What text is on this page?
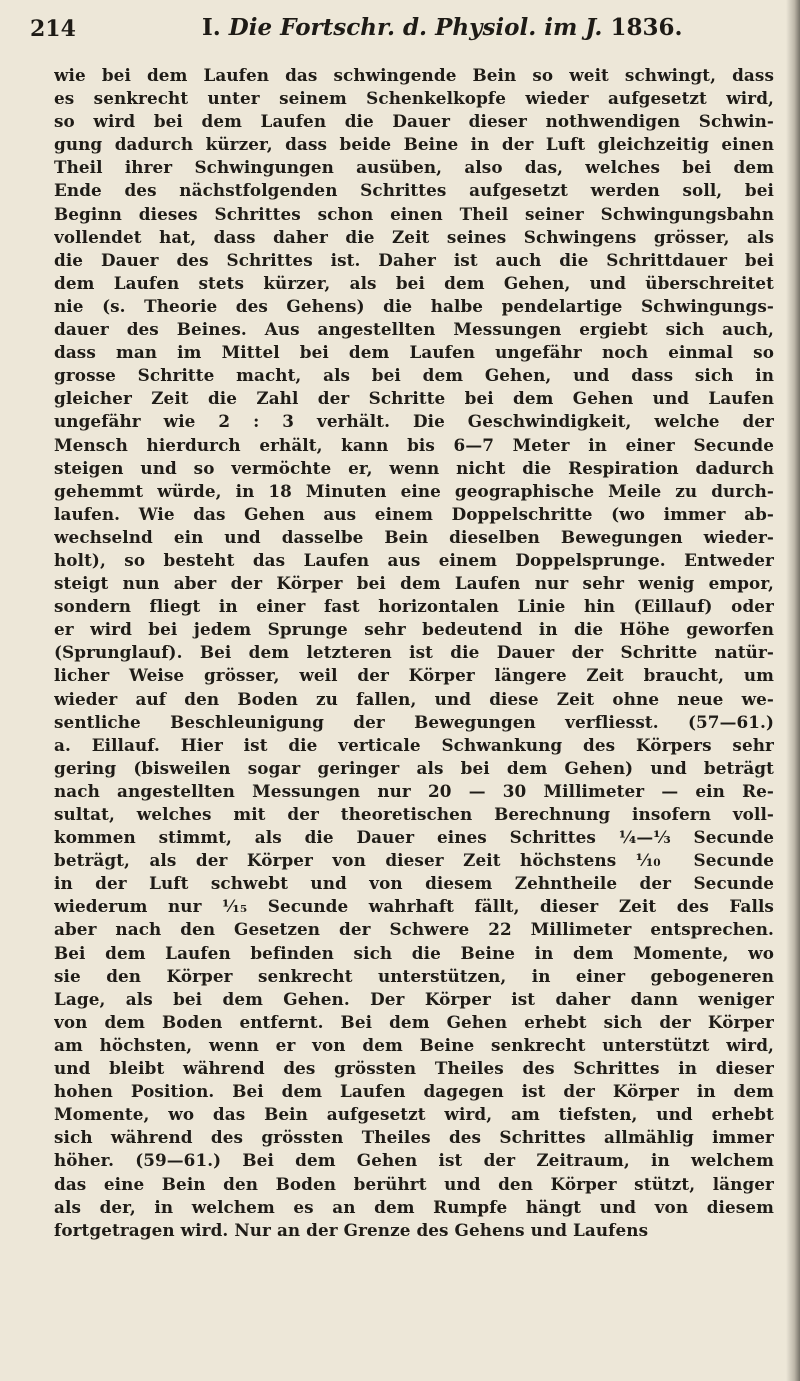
214	I. Die Fortschr. d. Physiol. im J. 1836.
wie bei dem Laufen das schwingende Bein so weit schwingt, dass
es senkrecht unter seinem Schenkelkopfe wieder aufgesetzt wird,
so wird bei dem Laufen die Dauer dieser nothwendigen Schwin-
gung dadurch kürzer, dass beide Beine in der Luft gleichzeitig einen
Theil ihrer Schwingungen ausüben, also das, welches bei dem
Ende des nächstfolgenden Schrittes aufgesetzt werden soll, bei
Beginn dieses Schrittes schon einen Theil seiner Schwingungsbahn
vollendet hat, dass daher die Zeit seines Schwingens grösser, als
die Dauer des Schrittes ist. Daher ist auch die Schrittdauer bei
dem Laufen stets kürzer, als bei dem Gehen, und überschreitet
nie (s. Theorie des Gehens) die halbe pendelartige Schwingungs-
dauer des Beines. Aus angestellten Messungen ergiebt sich auch,
dass man im Mittel bei dem Laufen ungefähr noch einmal so
grosse Schritte macht, als bei dem Gehen, und dass sich in
gleicher Zeit die Zahl der Schritte bei dem Gehen und Laufen
ungefähr wie 2 : 3 verhält. Die Geschwindigkeit, welche der
Mensch hierdurch erhält, kann bis 6—7 Meter in einer Secunde
steigen und so vermöchte er, wenn nicht die Respiration dadurch
gehemmt würde, in 18 Minuten eine geographische Meile zu durch-
laufen. Wie das Gehen aus einem Doppelschritte (wo immer ab-
wechselnd ein und dasselbe Bein dieselben Bewegungen wieder-
holt), so besteht das Laufen aus einem Doppelsprunge. Entweder
steigt nun aber der Körper bei dem Laufen nur sehr wenig empor,
sondern fliegt in einer fast horizontalen Linie hin (Eillauf) oder
er wird bei jedem Sprunge sehr bedeutend in die Höhe geworfen
(Sprunglauf). Bei dem letzteren ist die Dauer der Schritte natür-
licher Weise grösser, weil der Körper längere Zeit braucht, um
wieder auf den Boden zu fallen, und diese Zeit ohne neue we-
sentliche Beschleunigung der Bewegungen verfliesst. (57—61.)
a. Eillauf. Hier ist die verticale Schwankung des Körpers sehr
gering (bisweilen sogar geringer als bei dem Gehen) und beträgt
nach angestellten Messungen nur 20 — 30 Millimeter — ein Re-
sultat, welches mit der theoretischen Berechnung insofern voll-
kommen stimmt, als die Dauer eines Schrittes ¼—⅓ Secunde
beträgt, als der Körper von dieser Zeit höchstens ⅒ Secunde
in der Luft schwebt und von diesem Zehntheile der Secunde
wiederum nur ¹⁄₁₅ Secunde wahrhaft fällt, dieser Zeit des Falls
aber nach den Gesetzen der Schwere 22 Millimeter entsprechen.
Bei dem Laufen befinden sich die Beine in dem Momente, wo
sie den Körper senkrecht unterstützen, in einer gebogeneren
Lage, als bei dem Gehen. Der Körper ist daher dann weniger
von dem Boden entfernt. Bei dem Gehen erhebt sich der Körper
am höchsten, wenn er von dem Beine senkrecht unterstützt wird,
und bleibt während des grössten Theiles des Schrittes in dieser
hohen Position. Bei dem Laufen dagegen ist der Körper in dem
Momente, wo das Bein aufgesetzt wird, am tiefsten, und erhebt
sich während des grössten Theiles des Schrittes allmählig immer
höher. (59—61.) Bei dem Gehen ist der Zeitraum, in welchem
das eine Bein den Boden berührt und den Körper stützt, länger
als der, in welchem es an dem Rumpfe hängt und von diesem
fortgetragen wird. Nur an der Grenze des Gehens und Laufens
